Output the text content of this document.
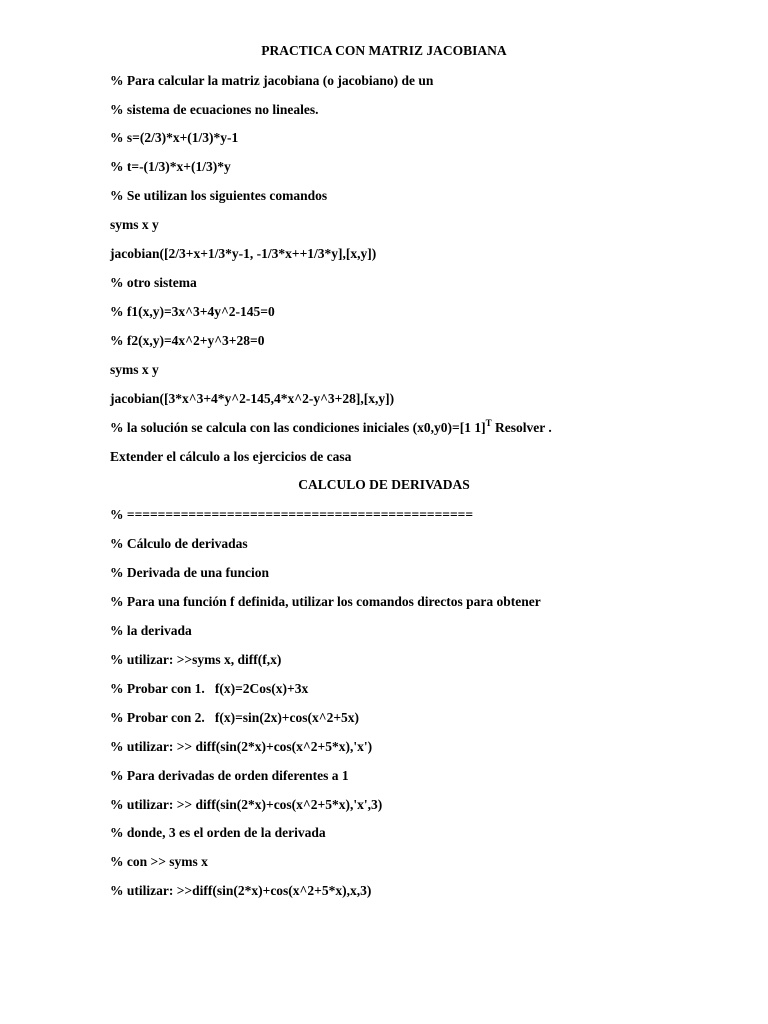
PRACTICA CON MATRIZ JACOBIANA
% Para calcular la matriz jacobiana (o jacobiano) de un
% sistema de ecuaciones no lineales.
% s=(2/3)*x+(1/3)*y-1
% t=-(1/3)*x+(1/3)*y
% Se utilizan los siguientes comandos
syms x y
jacobian([2/3+x+1/3*y-1, -1/3*x++1/3*y],[x,y])
% otro sistema
% f1(x,y)=3x^3+4y^2-145=0
% f2(x,y)=4x^2+y^3+28=0
syms x y
jacobian([3*x^3+4*y^2-145,4*x^2-y^3+28],[x,y])
% la solución se calcula con las condiciones iniciales (x0,y0)=[1 1]$^T$ Resolver .
Extender el cálculo a los ejercicios de casa
CALCULO DE DERIVADAS
% =============================================
% Cálculo de derivadas
% Derivada de una funcion
% Para una función f definida, utilizar los comandos directos para obtener
% la derivada
% utilizar: >>syms x, diff(f,x)
% Probar con 1.   f(x)=2Cos(x)+3x
% Probar con 2.   f(x)=sin(2x)+cos(x^2+5x)
% utilizar: >> diff(sin(2*x)+cos(x^2+5*x),'x')
% Para derivadas de orden diferentes a 1
% utilizar: >> diff(sin(2*x)+cos(x^2+5*x),'x',3)
% donde, 3 es el orden de la derivada
% con >> syms x
% utilizar: >>diff(sin(2*x)+cos(x^2+5*x),x,3)
